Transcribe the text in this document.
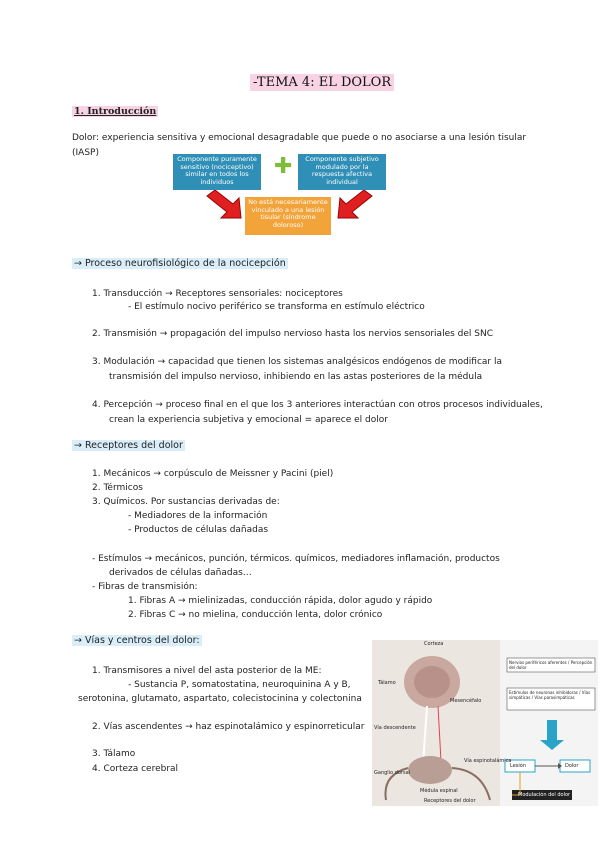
-TEMA 4: EL DOLOR
1. Introducción
Dolor: experiencia sensitiva y emocional desagradable que puede o no asociarse a una lesión tisular
(IASP)
Componente puramente sensitivo (nociceptivo) similar en todos los individuos
✚	Componente subjetivo modulado por la respuesta afectiva individual
No está necesariamente vinculado a una lesión tisular (síndrome doloroso)
→ Proceso neurofisiológico de la nocicepción
1. Transducción → Receptores sensoriales: nociceptores
- El estímulo nocivo periférico se transforma en estímulo eléctrico
2. Transmisión → propagación del impulso nervioso hasta los nervios sensoriales del SNC
3. Modulación → capacidad que tienen los sistemas analgésicos endógenos de modificar la
transmisión del impulso nervioso, inhibiendo en las astas posteriores de la médula
4. Percepción → proceso final en el que los 3 anteriores interactúan con otros procesos individuales,
crean la experiencia subjetiva y emocional = aparece el dolor
→ Receptores del dolor
1. Mecánicos → corpúsculo de Meissner y Pacini (piel)
2. Térmicos
3. Químicos. Por sustancias derivadas de:
- Mediadores de la información
- Productos de células dañadas
- Estímulos → mecánicos, punción, térmicos. químicos, mediadores inflamación, productos
derivados de células dañadas…
- Fibras de transmisión:
1. Fibras A → mielinizadas, conducción rápida, dolor agudo y rápido
2. Fibras C → no mielina, conducción lenta, dolor crónico
→ Vías y centros del dolor:
1. Transmisores a nivel del asta posterior de la ME:
- Sustancia P, somatostatina, neuroquinina A y B,
serotonina, glutamato, aspartato, colecistocinina y colectonina
2. Vías ascendentes → haz espinotalámico y espinorreticular
3. Tálamo
4. Corteza cerebral
Corteza
Tálamo
Mesencéfalo
Vía espinotalámica
Vía descendente
Ganglio dorsal
Médula espinal
Receptores del dolor
Nervios periféricos aferentes / Percepción del dolor
Estímulos de neuronas inhibidoras / Vías simpáticas / Vías parasimpáticas
Lesión	Dolor
Modulación del dolor
